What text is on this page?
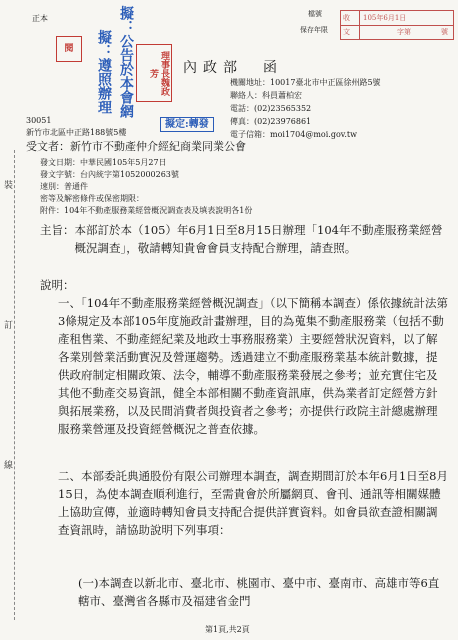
正本
閱
收 105年6月1日
文	字第	號
檔號
保存年限
擬：公告於本會網
擬：遵照辦理	理事長魏政芳
擬定:轉發
內政部　函
機關地址：10017臺北市中正區徐州路5號
聯絡人：科員蕭柏宏
電話：(02)23565352
傳真：(02)23976861
電子信箱：moi1704@moi.gov.tw
30051
新竹市北區中正路188號5樓
受文者：新竹市不動產仲介經紀商業同業公會
發文日期：中華民國105年5月27日
發文字號：台內統字第1052000263號
速別：普通件
密等及解密條件或保密期限：
附件：104年不動產服務業經營概況調查表及填表說明各1份
主旨： 本部訂於本（105）年6月1日至8月15日辦理「104年不動產服務業經營概況調查」，敬請轉知貴會會員支持配合辦理，請查照。
說明：
一、「104年不動產服務業經營概況調查」（以下簡稱本調查）係依據統計法第3條規定及本部105年度施政計畫辦理，目的為蒐集不動產服務業（包括不動產租售業、不動產經紀業及地政士事務服務業）主要經營狀況資料，以了解各業別營業活動實況及營運趨勢。透過建立不動產服務業基本統計數據，提供政府制定相關政策、法令，輔導不動產服務業發展之參考；並充實住宅及其他不動產交易資訊，健全本部相關不動產資訊庫，供為業者訂定經營方針與拓展業務，以及民間消費者與投資者之參考；亦提供行政院主計總處辦理服務業營運及投資經營概況之普查依據。
二、本部委託典通股份有限公司辦理本調查，調查期間訂於本年6月1日至8月15日，為使本調查順利進行，至需貴會於所屬網頁、會刊、通訊等相關媒體上協助宣傳，並適時轉知會員支持配合提供詳實資料。如會員欲查證相關調查資訊時，請協助說明下列事項：
(一)本調查以新北市、臺北市、桃園市、臺中市、臺南市、高雄市等6直轄市、臺灣省各縣市及福建省金門
裝
訂
線
第1頁,共2頁
